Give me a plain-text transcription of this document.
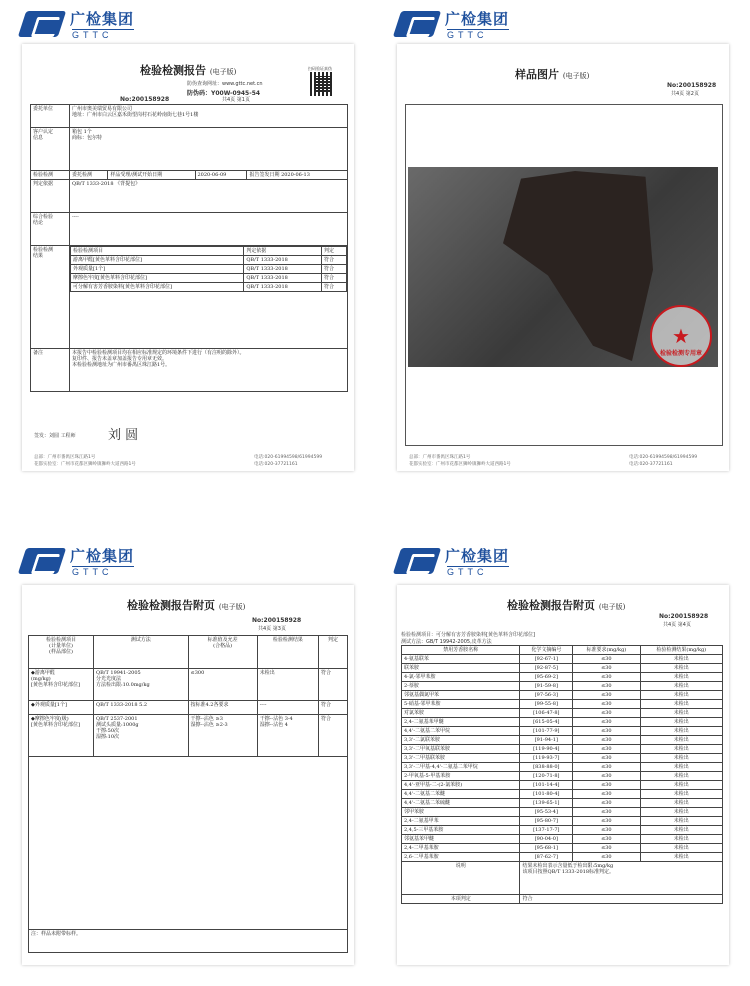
广检集团
GTTC
检验检测报告 (电子版)
防伪查询网址：www.gttc.net.cn
防伪码：Y00W-0945-54
No:200158928	共4页 第1页
扫码验证真伪
委托单位	广州市奥美瑞贸易有限公司
地址：广州市白云区嘉禾街望岗村石花岭南街七巷1号1楼
客户认定
信息	箱包 1个
商标：包尔特
检验检测	委托检测	样品受理/测试开始日期	2020-06-09	报告签发日期 2020-06-13
判定依据	QB/T 1333-2018 《背提包》
综合检验
结论	----
检验检测
结果	
检验检测项目	判定依据	判定
游离甲醛[黄色革料含印花部位]	QB/T 1333-2018	符合
外观质量[1个]	QB/T 1333-2018	符合
摩擦色牢度[黄色革料含印花部位]	QB/T 1333-2018	符合
可分解有害芳香胺染料[黄色革料含印花部位]	QB/T 1333-2018	符合

备注	本报告中检验检测项目均在相应标准规定的环境条件下进行（有注明的除外）。
复印件、报告未盖章加盖报告专用章无效。
本检验检测地址为广州市番禺区珠江路1号。
签发：刘圆 工程师 刘 圆
总部：广州市番禺区珠江路1号
花都实验室：广州市花都区狮岭镇狮岭大道西路1号
电话:020-61994598/61994599
电话:020-37721161
广检集团
GTTC
样品图片 (电子版)
No:200158928
共4页 第2页
★
检验检测专用章
总部：广州市番禺区珠江路1号
花都实验室：广州市花都区狮岭镇狮岭大道西路1号
电话:020-61994598/61994599
电话:020-37721161
广检集团
GTTC
检验检测报告附页 (电子版)
No:200158928
共4页 第3页
检验检测项目
(计量单位)
(样品部位)	测试方法	标准值及允差
(合格品)	检验检测结果	判定
◆游离甲醛
(mg/kg)
[黄色革料含印花部位]	QB/T 19941-2005
分光光度法
方法检出限:10.0mg/kg	≤300	未检出	符合
◆外观质量[1个]	QB/T 1333-2018 5.2	按标准4.2各要求	----	符合
◆摩擦色牢度(级)
[黄色革料含印花部位]	QB/T 2537-2001
测试头质量:1000g
干擦:50次
湿擦:10次	干擦--沾色 ≥3
湿擦--沾色 ≥2-3	干擦--沾色 3-4
湿擦--沾色 4	符合

注：样品未附带标样。				
广检集团
GTTC
检验检测报告附页 (电子版)
No:200158928
共4页 第4页
检验检测项目：可分解有害芳香胺染料[黄色革料含印花部位]
测试方法：GB/T 19942-2005,皮革方法
禁用芳香胺名称	化学文摘编号	标准要求(mg/kg)	检验检测结果(mg/kg)
4-氨基联苯	[92-67-1]	≤30	未检出
联苯胺	[92-87-5]	≤30	未检出
4-氯-邻甲苯胺	[95-69-2]	≤30	未检出
2-萘胺	[91-59-8]	≤30	未检出
邻氨基偶氮甲苯	[97-56-3]	≤30	未检出
5-硝基-邻甲苯胺	[99-55-8]	≤30	未检出
对氯苯胺	[106-47-8]	≤30	未检出
2,4-二氨基苯甲醚	[615-05-4]	≤30	未检出
4,4'-二氨基二苯甲烷	[101-77-9]	≤30	未检出
3,3'-二氯联苯胺	[91-94-1]	≤30	未检出
3,3'-二甲氧基联苯胺	[119-90-4]	≤30	未检出
3,3'-二甲基联苯胺	[119-93-7]	≤30	未检出
3,3'-二甲基-4,4'-二氨基二苯甲烷	[838-88-0]	≤30	未检出
2-甲氧基-5-甲基苯胺	[120-71-8]	≤30	未检出
4,4'-亚甲基-二-(2-氯苯胺)	[101-14-4]	≤30	未检出
4,4'-二氨基二苯醚	[101-80-4]	≤30	未检出
4,4'-二氨基二苯硫醚	[139-65-1]	≤30	未检出
邻甲苯胺	[95-53-4]	≤30	未检出
2,4-二氨基甲苯	[95-80-7]	≤30	未检出
2,4,5-三甲基苯胺	[137-17-7]	≤30	未检出
邻氨基苯甲醚	[90-04-0]	≤30	未检出
2,4-二甲基苯胺	[95-68-1]	≤30	未检出
2,6-二甲基苯胺	[87-62-7]	≤30	未检出
说明	结果未检出表示含量低于检出限:5mg/kg
该项目按照QB/T 1333-2018标准判定。		
本项判定	符合		
